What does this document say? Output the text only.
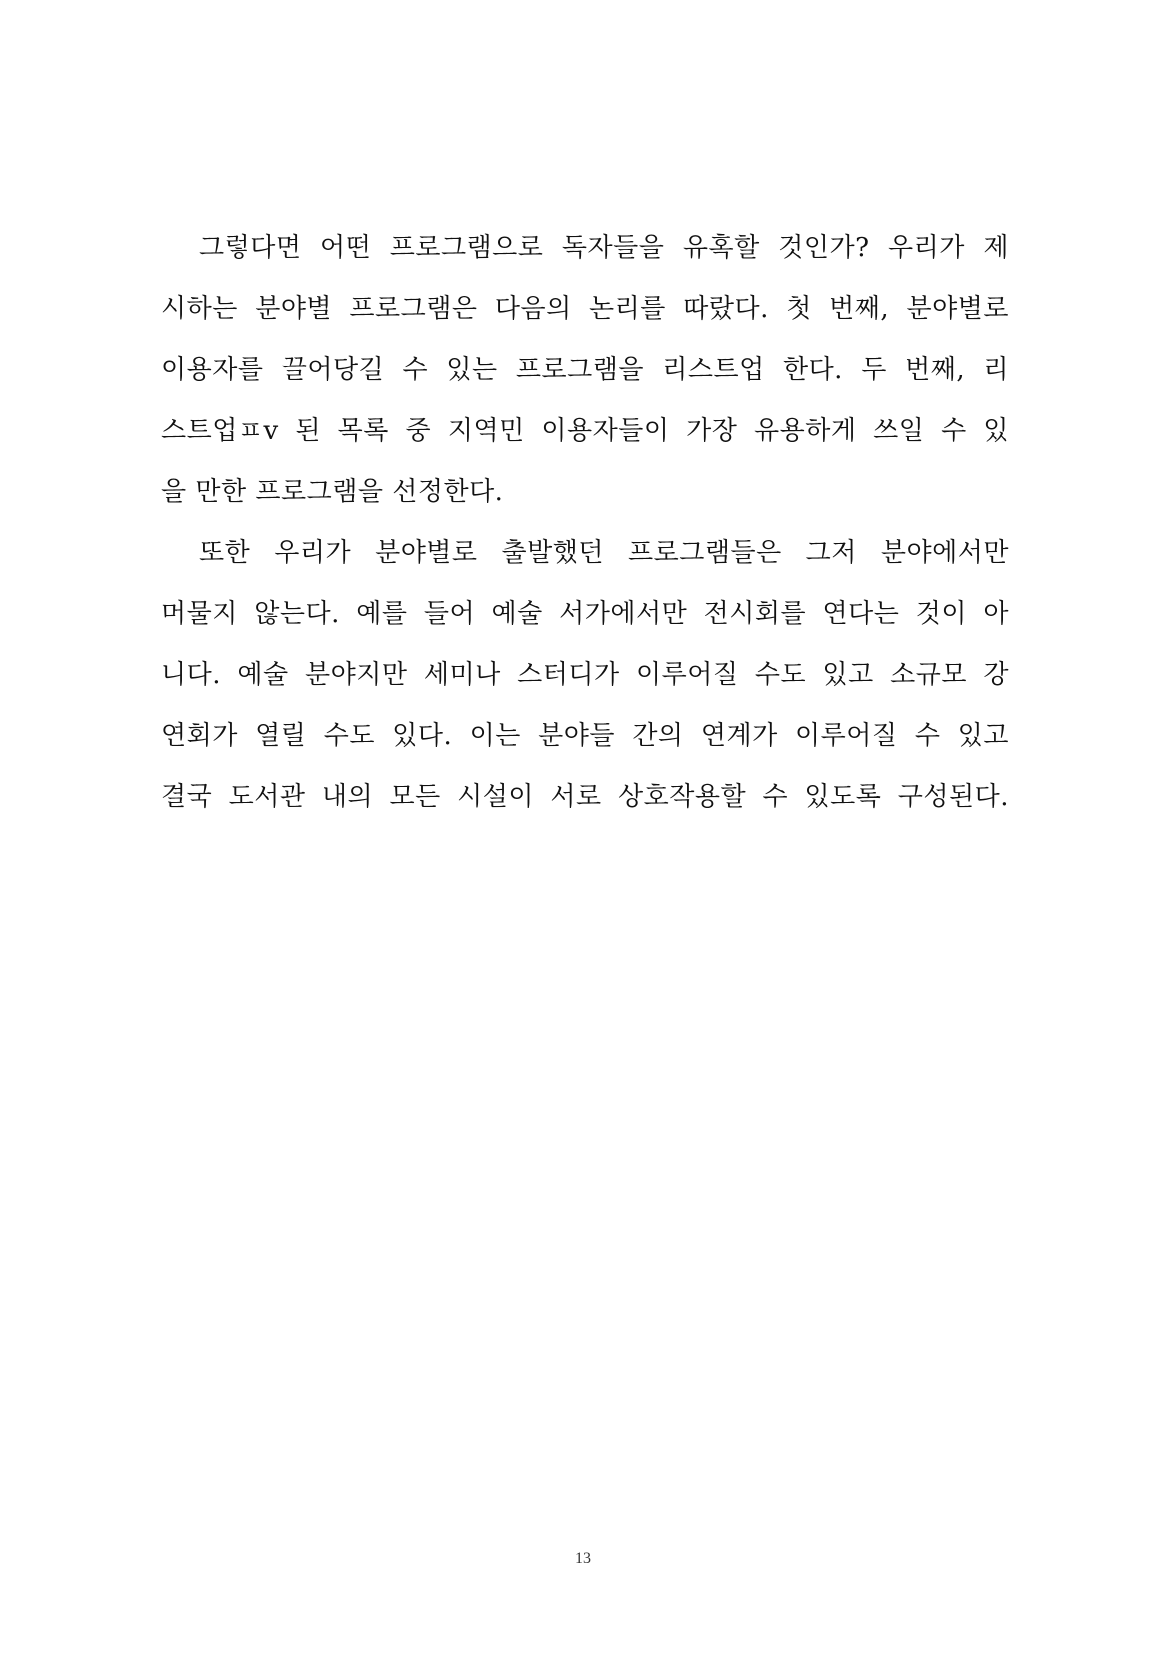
그렇다면 어떤 프로그램으로 독자들을 유혹할 것인가? 우리가 제
시하는 분야별 프로그램은 다음의 논리를 따랐다. 첫 번째, 분야별로
이용자를 끌어당길 수 있는 프로그램을 리스트업 한다. 두 번째, 리
스트업ㅍv 된 목록 중 지역민 이용자들이 가장 유용하게 쓰일 수 있
을 만한 프로그램을 선정한다.
또한 우리가 분야별로 출발했던 프로그램들은 그저 분야에서만
머물지 않는다. 예를 들어 예술 서가에서만 전시회를 연다는 것이 아
니다. 예술 분야지만 세미나 스터디가 이루어질 수도 있고 소규모 강
연회가 열릴 수도 있다. 이는 분야들 간의 연계가 이루어질 수 있고
결국 도서관 내의 모든 시설이 서로 상호작용할 수 있도록 구성된다.
13
